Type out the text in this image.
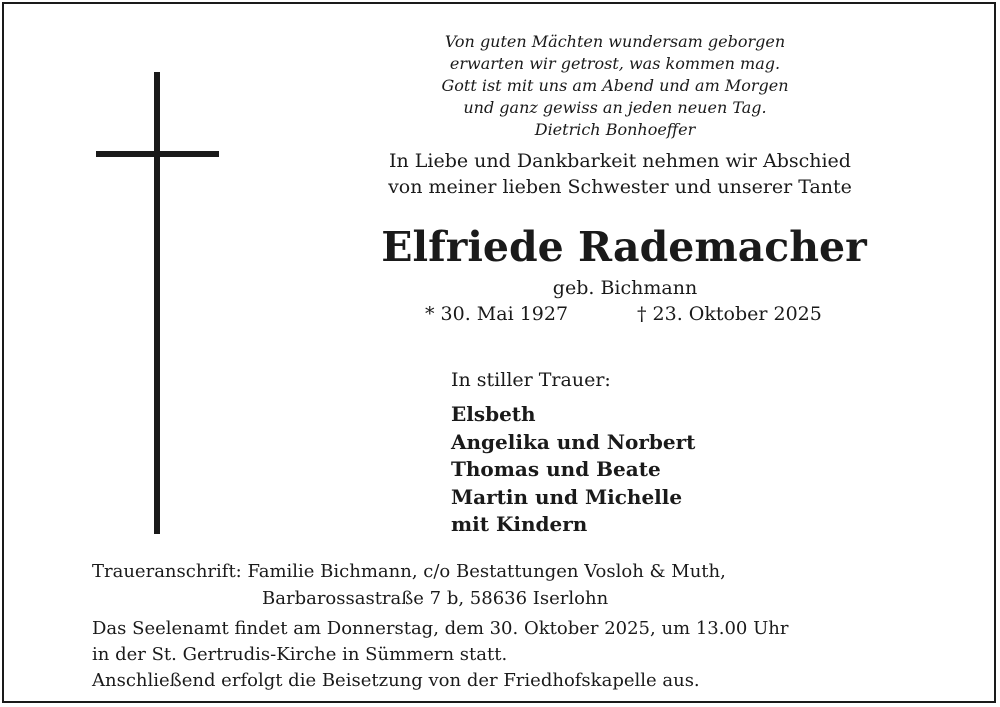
Von guten Mächten wundersam geborgen
erwarten wir getrost, was kommen mag.
Gott ist mit uns am Abend und am Morgen
und ganz gewiss an jeden neuen Tag.
Dietrich Bonhoeffer
In Liebe und Dankbarkeit nehmen wir Abschied
von meiner lieben Schwester und unserer Tante
Elfriede Rademacher
geb. Bichmann
* 30. Mai 1927	† 23. Oktober 2025
In stiller Trauer:
Elsbeth
Angelika und Norbert
Thomas und Beate
Martin und Michelle
mit Kindern
Traueranschrift: Familie Bichmann, c/o Bestattungen Vosloh & Muth,
Barbarossastraße 7 b, 58636 Iserlohn
Das Seelenamt findet am Donnerstag, dem 30. Oktober 2025, um 13.00 Uhr
in der St. Gertrudis-Kirche in Sümmern statt.
Anschließend erfolgt die Beisetzung von der Friedhofskapelle aus.
